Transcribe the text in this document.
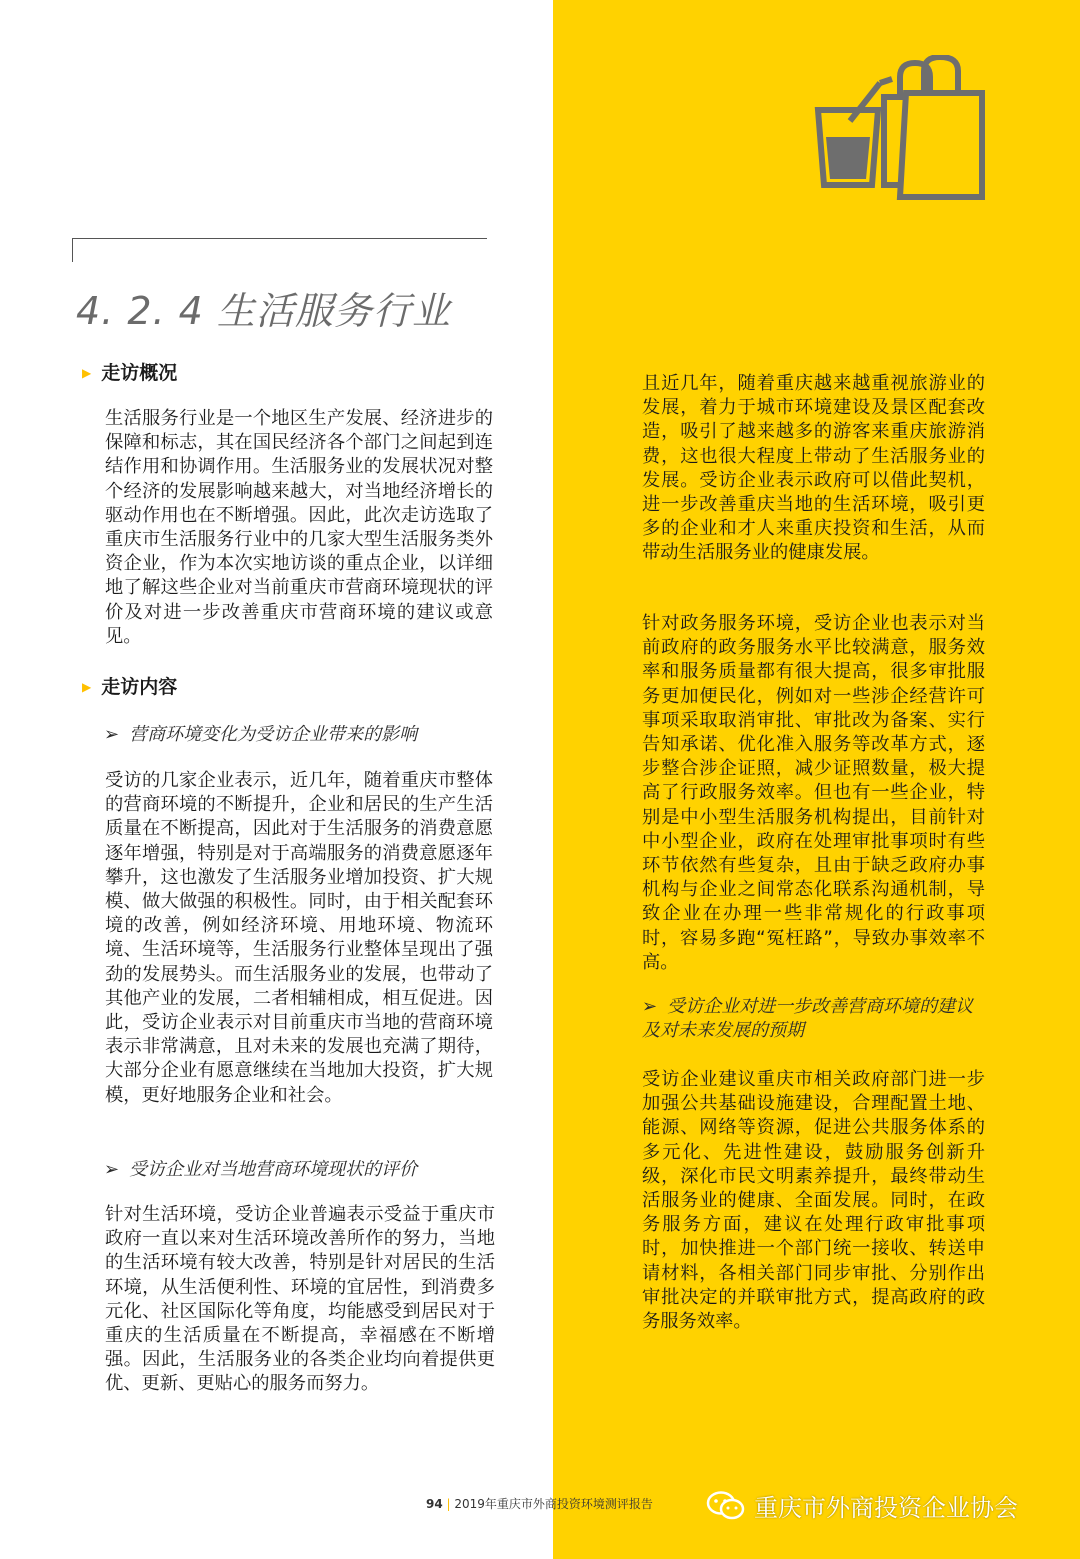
4. 2. 4 生活服务行业
▶ 走访概况

生活服务行业是一个地区生产发展、经济进步的保障和标志，其在国民经济各个部门之间起到连结作用和协调作用。生活服务业的发展状况对整个经济的发展影响越来越大，对当地经济增长的驱动作用也在不断增强。因此，此次走访选取了重庆市生活服务行业中的几家大型生活服务类外资企业，作为本次实地访谈的重点企业，以详细地了解这些企业对当前重庆市营商环境现状的评价及对进一步改善重庆市营商环境的建议或意见。

▶ 走访内容
➢ 营商环境变化为受访企业带来的影响

受访的几家企业表示，近几年，随着重庆市整体的营商环境的不断提升，企业和居民的生产生活质量在不断提高，因此对于生活服务的消费意愿逐年增强，特别是对于高端服务的消费意愿逐年攀升，这也激发了生活服务业增加投资、扩大规模、做大做强的积极性。同时，由于相关配套环境的改善，例如经济环境、用地环境、物流环境、生活环境等，生活服务行业整体呈现出了强劲的发展势头。而生活服务业的发展，也带动了其他产业的发展，二者相辅相成，相互促进。因此，受访企业表示对目前重庆市当地的营商环境表示非常满意，且对未来的发展也充满了期待，大部分企业有愿意继续在当地加大投资，扩大规模，更好地服务企业和社会。

➢ 受访企业对当地营商环境现状的评价

针对生活环境，受访企业普遍表示受益于重庆市政府一直以来对生活环境改善所作的努力，当地的生活环境有较大改善，特别是针对居民的生活环境，从生活便利性、环境的宜居性，到消费多元化、社区国际化等角度，均能感受到居民对于重庆的生活质量在不断提高，幸福感在不断增强。因此，生活服务业的各类企业均向着提供更优、更新、更贴心的服务而努力。

且近几年，随着重庆越来越重视旅游业的发展，着力于城市环境建设及景区配套改造，吸引了越来越多的游客来重庆旅游消费，这也很大程度上带动了生活服务业的发展。受访企业表示政府可以借此契机，进一步改善重庆当地的生活环境，吸引更多的企业和才人来重庆投资和生活，从而带动生活服务业的健康发展。

针对政务服务环境，受访企业也表示对当前政府的政务服务水平比较满意，服务效率和服务质量都有很大提高，很多审批服务更加便民化，例如对一些涉企经营许可事项采取取消审批、审批改为备案、实行告知承诺、优化准入服务等改革方式，逐步整合涉企证照，减少证照数量，极大提高了行政服务效率。但也有一些企业，特别是中小型生活服务机构提出，目前针对中小型企业，政府在处理审批事项时有些环节依然有些复杂，且由于缺乏政府办事机构与企业之间常态化联系沟通机制，导致企业在办理一些非常规化的行政事项时，容易多跑“冤枉路”，导致办事效率不高。

➢ 受访企业对进一步改善营商环境的建议及对未来发展的预期

受访企业建议重庆市相关政府部门进一步加强公共基础设施建设，合理配置土地、能源、网络等资源，促进公共服务体系的多元化、先进性建设，鼓励服务创新升级，深化市民文明素养提升，最终带动生活服务业的健康、全面发展。同时，在政务服务方面，建议在处理行政审批事项时，加快推进一个部门统一接收、转送申请材料，各相关部门同步审批、分别作出审批决定的并联审批方式，提高政府的政务服务效率。

94 | 2019年重庆市外商投资环境测评报告	重庆市外商投资企业协会
